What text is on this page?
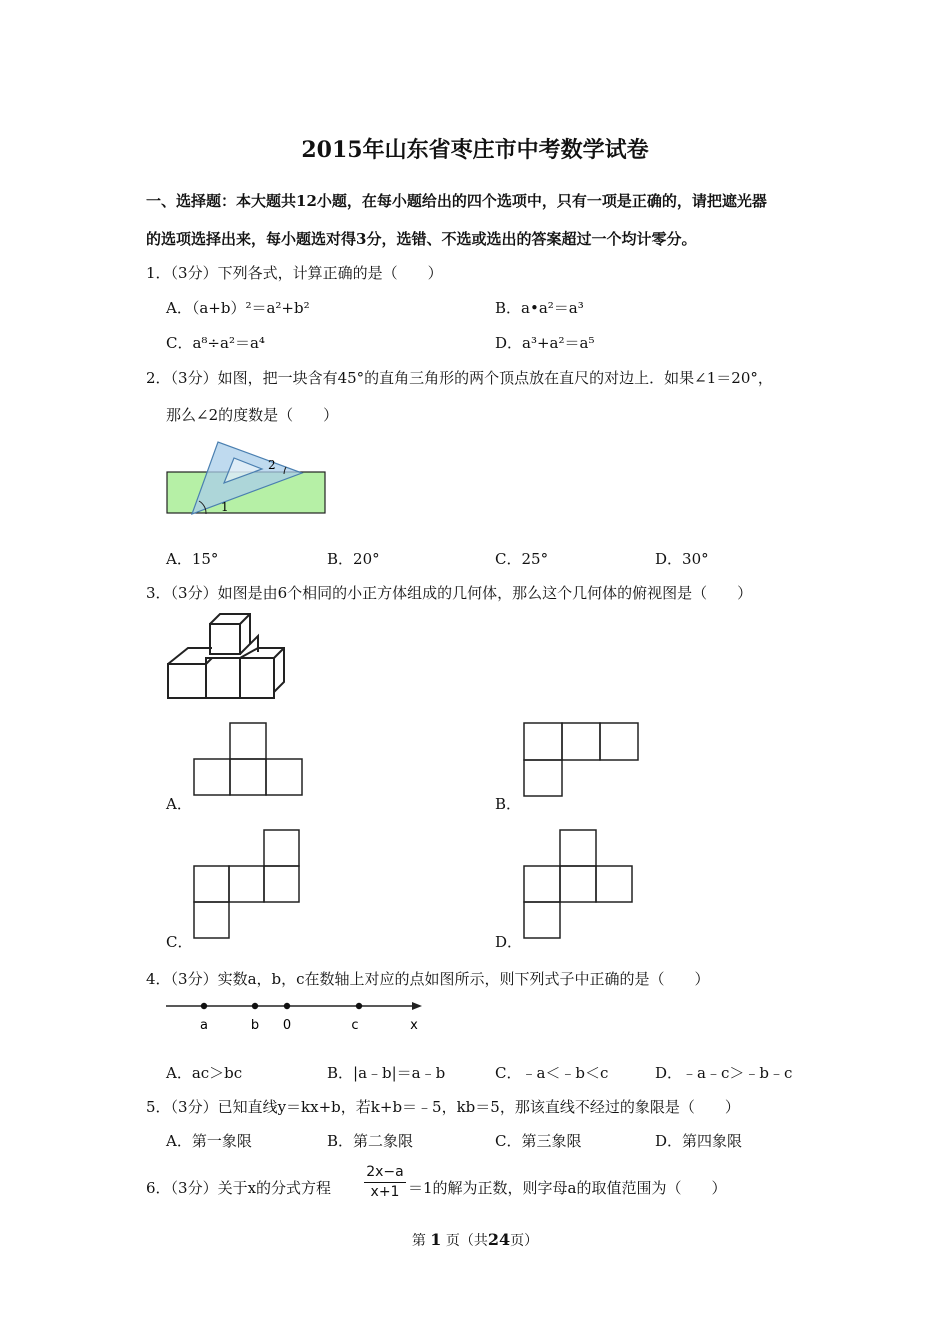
2015年山东省枣庄市中考数学试卷
一、选择题：本大题共12小题，在每小题给出的四个选项中，只有一项是正确的，请把遮光器
的选项选择出来，每小题选对得3分，选错、不选或选出的答案超过一个均计零分。
1．（3分）下列各式，计算正确的是（　　）
A．（a+b）²＝a²+b²	B．a•a²＝a³
C．a⁸÷a²＝a⁴	D．a³+a²＝a⁵
2．（3分）如图，把一块含有45°的直角三角形的两个顶点放在直尺的对边上．如果∠1＝20°，
那么∠2的度数是（　　）
1
2
A．15°	B．20°	C．25°	D．30°
3．（3分）如图是由6个相同的小正方体组成的几何体，那么这个几何体的俯视图是（　　）
A．	B．
C．	D．
4．（3分）实数a，b，c在数轴上对应的点如图所示，则下列式子中正确的是（　　）
a	b 0	c	x
A．ac＞bc	B．|a﹣b|＝a﹣b	C．﹣a＜﹣b＜c	D．﹣a﹣c＞﹣b﹣c
5．（3分）已知直线y＝kx+b，若k+b＝﹣5，kb＝5，那该直线不经过的象限是（　　）
A．第一象限	B．第二象限	C．第三象限	D．第四象限
6．（3分）关于x的分式方程 $\frac{2x-a}{x+1} =1$的解为正数，则字母a的取值范围为（　　）
第 1 页（共24页）
